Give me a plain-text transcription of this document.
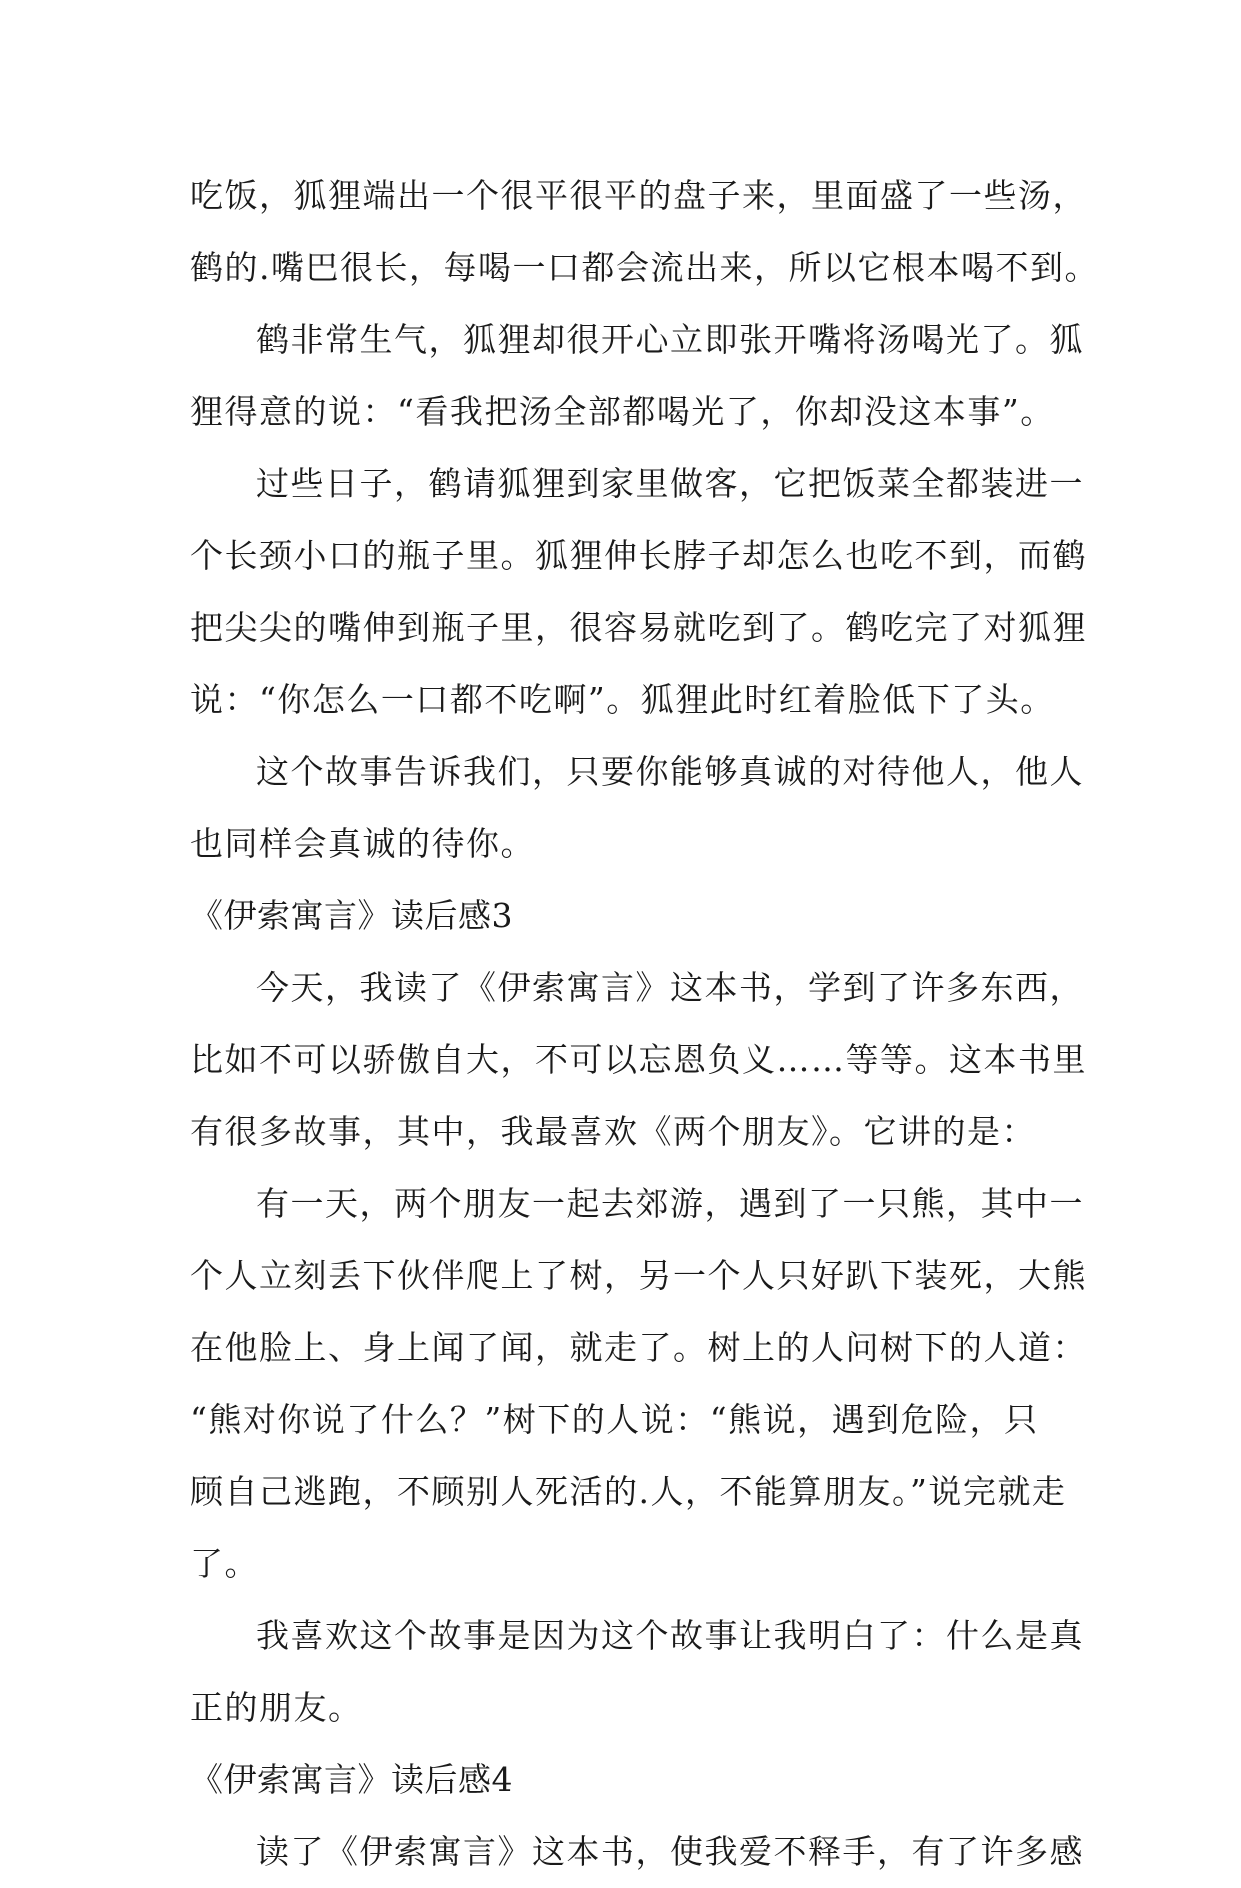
吃饭，狐狸端出一个很平很平的盘子来，里面盛了一些汤，
鹤的.嘴巴很长，每喝一口都会流出来，所以它根本喝不到。
鹤非常生气，狐狸却很开心立即张开嘴将汤喝光了。狐
狸得意的说：“看我把汤全部都喝光了，你却没这本事”。
过些日子，鹤请狐狸到家里做客，它把饭菜全都装进一
个长颈小口的瓶子里。狐狸伸长脖子却怎么也吃不到，而鹤
把尖尖的嘴伸到瓶子里，很容易就吃到了。鹤吃完了对狐狸
说：“你怎么一口都不吃啊”。狐狸此时红着脸低下了头。
这个故事告诉我们，只要你能够真诚的对待他人，他人
也同样会真诚的待你。
《伊索寓言》读后感3
今天，我读了《伊索寓言》这本书，学到了许多东西，
比如不可以骄傲自大，不可以忘恩负义……等等。这本书里
有很多故事，其中，我最喜欢《两个朋友》。它讲的是：
有一天，两个朋友一起去郊游，遇到了一只熊，其中一
个人立刻丢下伙伴爬上了树，另一个人只好趴下装死，大熊
在他脸上、身上闻了闻，就走了。树上的人问树下的人道：
“熊对你说了什么？”树下的人说：“熊说，遇到危险，只
顾自己逃跑，不顾别人死活的.人，不能算朋友。”说完就走
了。
我喜欢这个故事是因为这个故事让我明白了：什么是真
正的朋友。
《伊索寓言》读后感4
读了《伊索寓言》这本书，使我爱不释手，有了许多感
